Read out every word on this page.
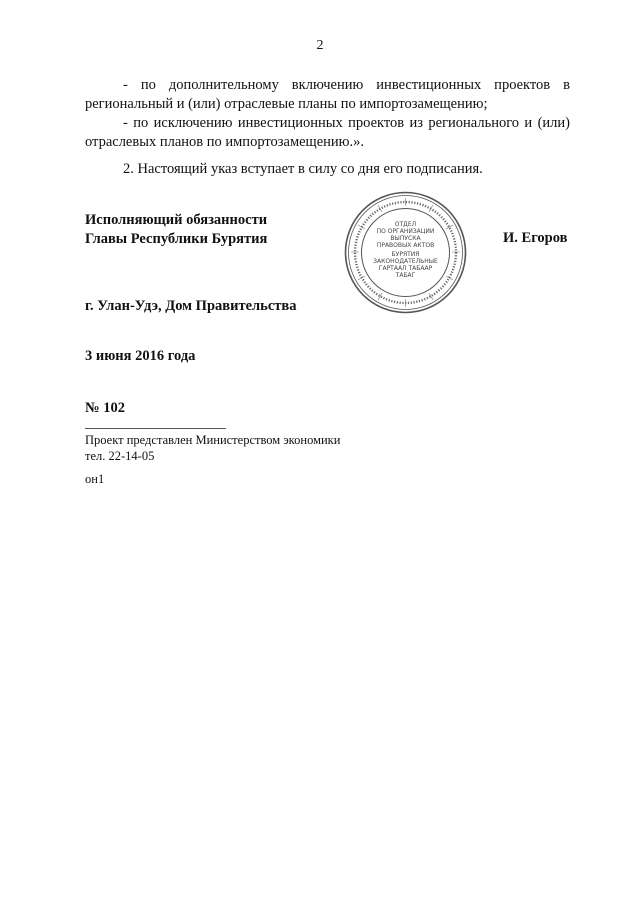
2

- по дополнительному включению инвестиционных проектов в региональный и (или) отраслевые планы по импортозамещению;

- по исключению инвестиционных проектов из регионального и (или) отраслевых планов по импортозамещению.».

2. Настоящий указ вступает в силу со дня его подписания.

Исполняющий обязанности
Главы Республики Бурятия
ОТДЕЛ
ПО ОРГАНИЗАЦИИ
ВЫПУСКА
ПРАВОВЫХ АКТОВ
БУРЯТИЯ
ЗАКОНОДАТЕЛЬНЫЕ
ГАРТААЛ ТАБААР
ТАБАГ
И. Егоров
г. Улан-Удэ, Дом Правительства
3 июня 2016 года
№ 102
Проект представлен Министерством экономики
тел. 22-14-05
он1
